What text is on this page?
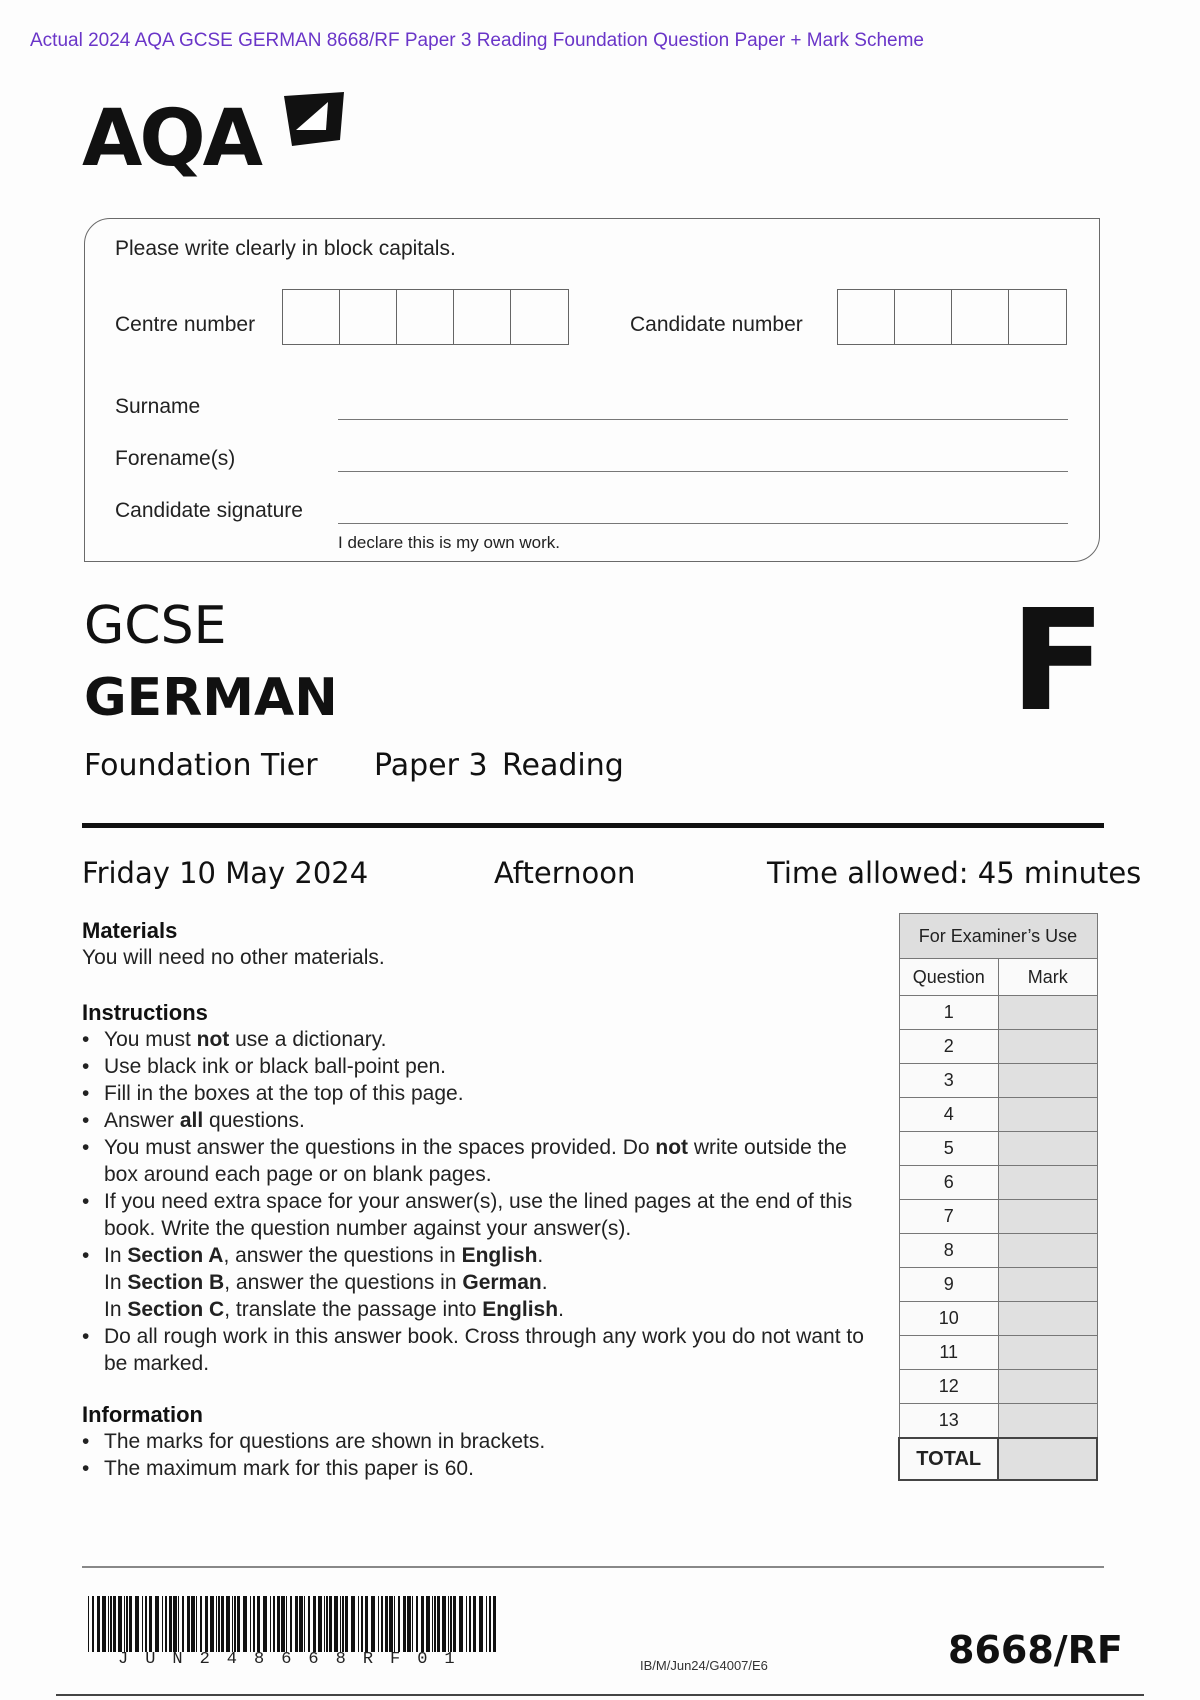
Actual 2024 AQA GCSE GERMAN 8668/RF Paper 3 Reading Foundation Question Paper + Mark Scheme
AQA
Please write clearly in block capitals.
Centre number	Candidate number
Surname
Forename(s)
Candidate signature
I declare this is my own work.
GCSE
GERMAN
Foundation Tier Paper 3 Reading
F
Friday 10 May 2024	Afternoon	Time allowed: 45 minutes
Materials
You will need no other materials.
Instructions
• You must not use a dictionary.
• Use black ink or black ball-point pen.
• Fill in the boxes at the top of this page.
• Answer all questions.
• You must answer the questions in the spaces provided. Do not write outside the box around each page or on blank pages.
• If you need extra space for your answer(s), use the lined pages at the end of this book. Write the question number against your answer(s).
• In Section A, answer the questions in English.
In Section B, answer the questions in German.
In Section C, translate the passage into English.
• Do all rough work in this answer book. Cross through any work you do not want to be marked.
Information
• The marks for questions are shown in brackets.
• The maximum mark for this paper is 60.
For Examiner’s Use	
Question	Mark
1	
2	
3	
4	
5	
6	
7	
8	
9	
10	
11	
12	
13	
TOTAL	
JUN248668RF01	IB/M/Jun24/G4007/E6	8668/RF
